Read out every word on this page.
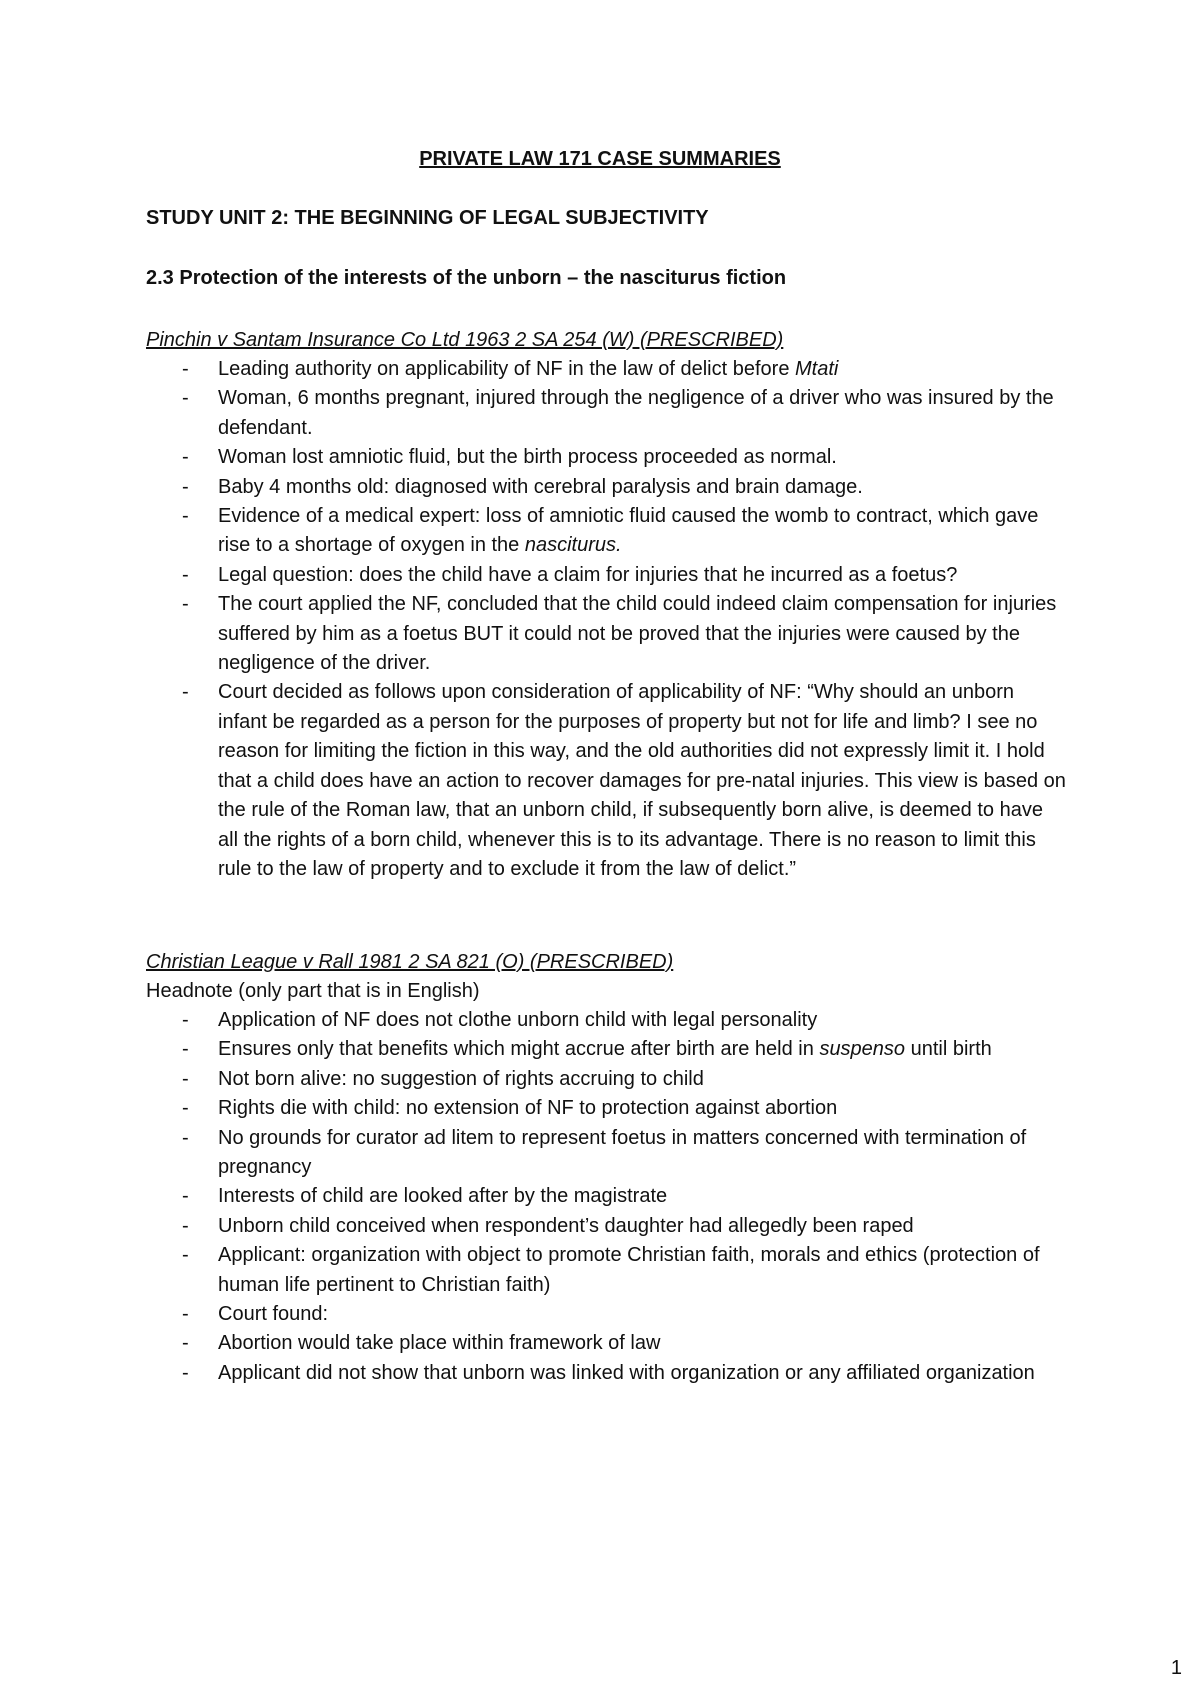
PRIVATE LAW 171 CASE SUMMARIES
STUDY UNIT 2: THE BEGINNING OF LEGAL SUBJECTIVITY
2.3 Protection of the interests of the unborn – the nasciturus fiction

Pinchin v Santam Insurance Co Ltd 1963 2 SA 254 (W) (PRESCRIBED)

- Leading authority on applicability of NF in the law of delict before Mtati
- Woman, 6 months pregnant, injured through the negligence of a driver who was insured by the defendant.
- Woman lost amniotic fluid, but the birth process proceeded as normal.
- Baby 4 months old: diagnosed with cerebral paralysis and brain damage.
- Evidence of a medical expert: loss of amniotic fluid caused the womb to contract, which gave rise to a shortage of oxygen in the nasciturus.
- Legal question: does the child have a claim for injuries that he incurred as a foetus?
- The court applied the NF, concluded that the child could indeed claim compensation for injuries suffered by him as a foetus BUT it could not be proved that the injuries were caused by the negligence of the driver.
- Court decided as follows upon consideration of applicability of NF: “Why should an unborn infant be regarded as a person for the purposes of property but not for life and limb? I see no reason for limiting the fiction in this way, and the old authorities did not expressly limit it. I hold that a child does have an action to recover damages for pre-natal injuries. This view is based on the rule of the Roman law, that an unborn child, if subsequently born alive, is deemed to have all the rights of a born child, whenever this is to its advantage. There is no reason to limit this rule to the law of property and to exclude it from the law of delict.”

Christian League v Rall 1981 2 SA 821 (O) (PRESCRIBED)

Headnote (only part that is in English)

- Application of NF does not clothe unborn child with legal personality
- Ensures only that benefits which might accrue after birth are held in suspenso until birth
- Not born alive: no suggestion of rights accruing to child
- Rights die with child: no extension of NF to protection against abortion
- No grounds for curator ad litem to represent foetus in matters concerned with termination of pregnancy
- Interests of child are looked after by the magistrate
- Unborn child conceived when respondent’s daughter had allegedly been raped
- Applicant: organization with object to promote Christian faith, morals and ethics (protection of human life pertinent to Christian faith)
- Court found:
- Abortion would take place within framework of law
- Applicant did not show that unborn was linked with organization or any affiliated organization
1
